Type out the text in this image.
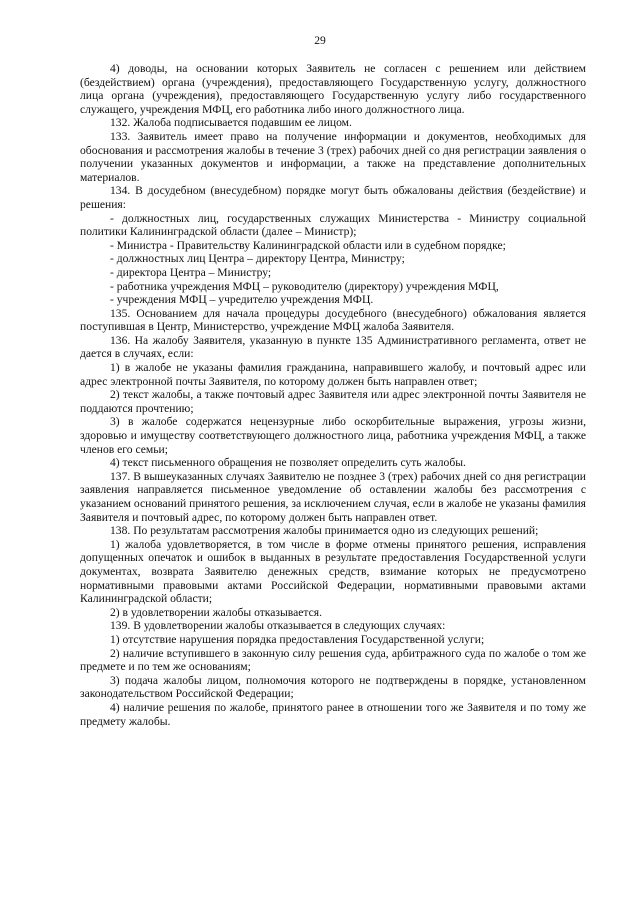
29

4) доводы, на основании которых Заявитель не согласен с решением или действием (бездействием) органа (учреждения), предоставляющего Государственную услугу, должностного лица органа (учреждения), предоставляющего Государственную услугу либо государственного служащего, учреждения МФЦ, его работника либо иного должностного лица.

132. Жалоба подписывается подавшим ее лицом.

133. Заявитель имеет право на получение информации и документов, необходимых для обоснования и рассмотрения жалобы в течение 3 (трех) рабочих дней со дня регистрации заявления о получении указанных документов и информации, а также на представление дополнительных материалов.

134. В досудебном (внесудебном) порядке могут быть обжалованы действия (бездействие) и решения:

- должностных лиц, государственных служащих Министерства - Министру социальной политики Калининградской области (далее – Министр);

- Министра - Правительству Калининградской области или в судебном порядке;

- должностных лиц Центра – директору Центра, Министру;

- директора Центра – Министру;

- работника учреждения МФЦ – руководителю (директору) учреждения МФЦ,

- учреждения МФЦ – учредителю учреждения МФЦ.

135. Основанием для начала процедуры досудебного (внесудебного) обжалования является поступившая в Центр, Министерство, учреждение МФЦ жалоба Заявителя.

136. На жалобу Заявителя, указанную в пункте 135 Административного регламента, ответ не дается в случаях, если:

1) в жалобе не указаны фамилия гражданина, направившего жалобу, и почтовый адрес или адрес электронной почты Заявителя, по которому должен быть направлен ответ;

2) текст жалобы, а также почтовый адрес Заявителя или адрес электронной почты Заявителя не поддаются прочтению;

3) в жалобе содержатся нецензурные либо оскорбительные выражения, угрозы жизни, здоровью и имуществу соответствующего должностного лица, работника учреждения МФЦ, а также членов его семьи;

4) текст письменного обращения не позволяет определить суть жалобы.

137. В вышеуказанных случаях Заявителю не позднее 3 (трех) рабочих дней со дня регистрации заявления направляется письменное уведомление об оставлении жалобы без рассмотрения с указанием оснований принятого решения, за исключением случая, если в жалобе не указаны фамилия Заявителя и почтовый адрес, по которому должен быть направлен ответ.

138. По результатам рассмотрения жалобы принимается одно из следующих решений;

1) жалоба удовлетворяется, в том числе в форме отмены принятого решения, исправления допущенных опечаток и ошибок в выданных в результате предоставления Государственной услуги документах, возврата Заявителю денежных средств, взимание которых не предусмотрено нормативными правовыми актами Российской Федерации, нормативными правовыми актами Калининградской области;

2) в удовлетворении жалобы отказывается.

139. В удовлетворении жалобы отказывается в следующих случаях:

1) отсутствие нарушения порядка предоставления Государственной услуги;

2) наличие вступившего в законную силу решения суда, арбитражного суда по жалобе о том же предмете и по тем же основаниям;

3) подача жалобы лицом, полномочия которого не подтверждены в порядке, установленном законодательством Российской Федерации;

4) наличие решения по жалобе, принятого ранее в отношении того же Заявителя и по тому же предмету жалобы.
